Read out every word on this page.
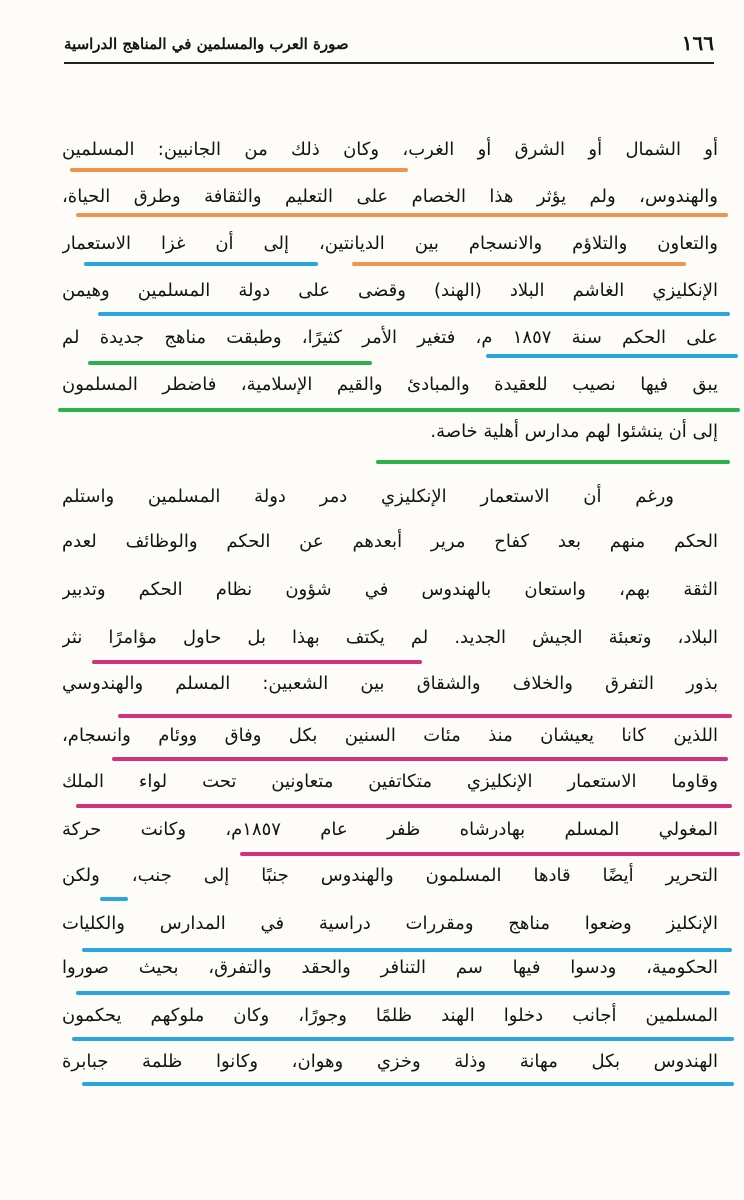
١٦٦
صورة العرب والمسلمين في المناهج الدراسية
أو الشمال أو الشرق أو الغرب، وكان ذلك من الجانبين: المسلمين
والهندوس، ولم يؤثر هذا الخصام على التعليم والثقافة وطرق الحياة،
والتعاون والتلاؤم والانسجام بين الديانتين، إلى أن غزا الاستعمار
الإنكليزي الغاشم البلاد (الهند) وقضى على دولة المسلمين وهيمن
على الحكم سنة ١٨٥٧ م، فتغير الأمر كثيرًا، وطبقت مناهج جديدة لم
يبق فيها نصيب للعقيدة والمبادئ والقيم الإسلامية، فاضطر المسلمون
إلى أن ينشئوا لهم مدارس أهلية خاصة.
ورغم أن الاستعمار الإنكليزي دمر دولة المسلمين واستلم
الحكم منهم بعد كفاح مرير أبعدهم عن الحكم والوظائف لعدم
الثقة بهم، واستعان بالهندوس في شؤون نظام الحكم وتدبير
البلاد، وتعبئة الجيش الجديد. لم يكتف بهذا بل حاول مؤامرًا نثر
بذور التفرق والخلاف والشقاق بين الشعبين: المسلم والهندوسي
اللذين كانا يعيشان منذ مئات السنين بكل وفاق ووئام وانسجام،
وقاوما الاستعمار الإنكليزي متكاتفين متعاونين تحت لواء الملك
المغولي المسلم بهادرشاه ظفر عام ١٨٥٧م، وكانت حركة
التحرير أيضًا قادها المسلمون والهندوس جنبًا إلى جنب، ولكن
الإنكليز وضعوا مناهج ومقررات دراسية في المدارس والكليات
الحكومية، ودسوا فيها سم التنافر والحقد والتفرق، بحيث صوروا
المسلمين أجانب دخلوا الهند ظلمًا وجورًا، وكان ملوكهم يحكمون
الهندوس بكل مهانة وذلة وخزي وهوان، وكانوا ظلمة جبابرة
